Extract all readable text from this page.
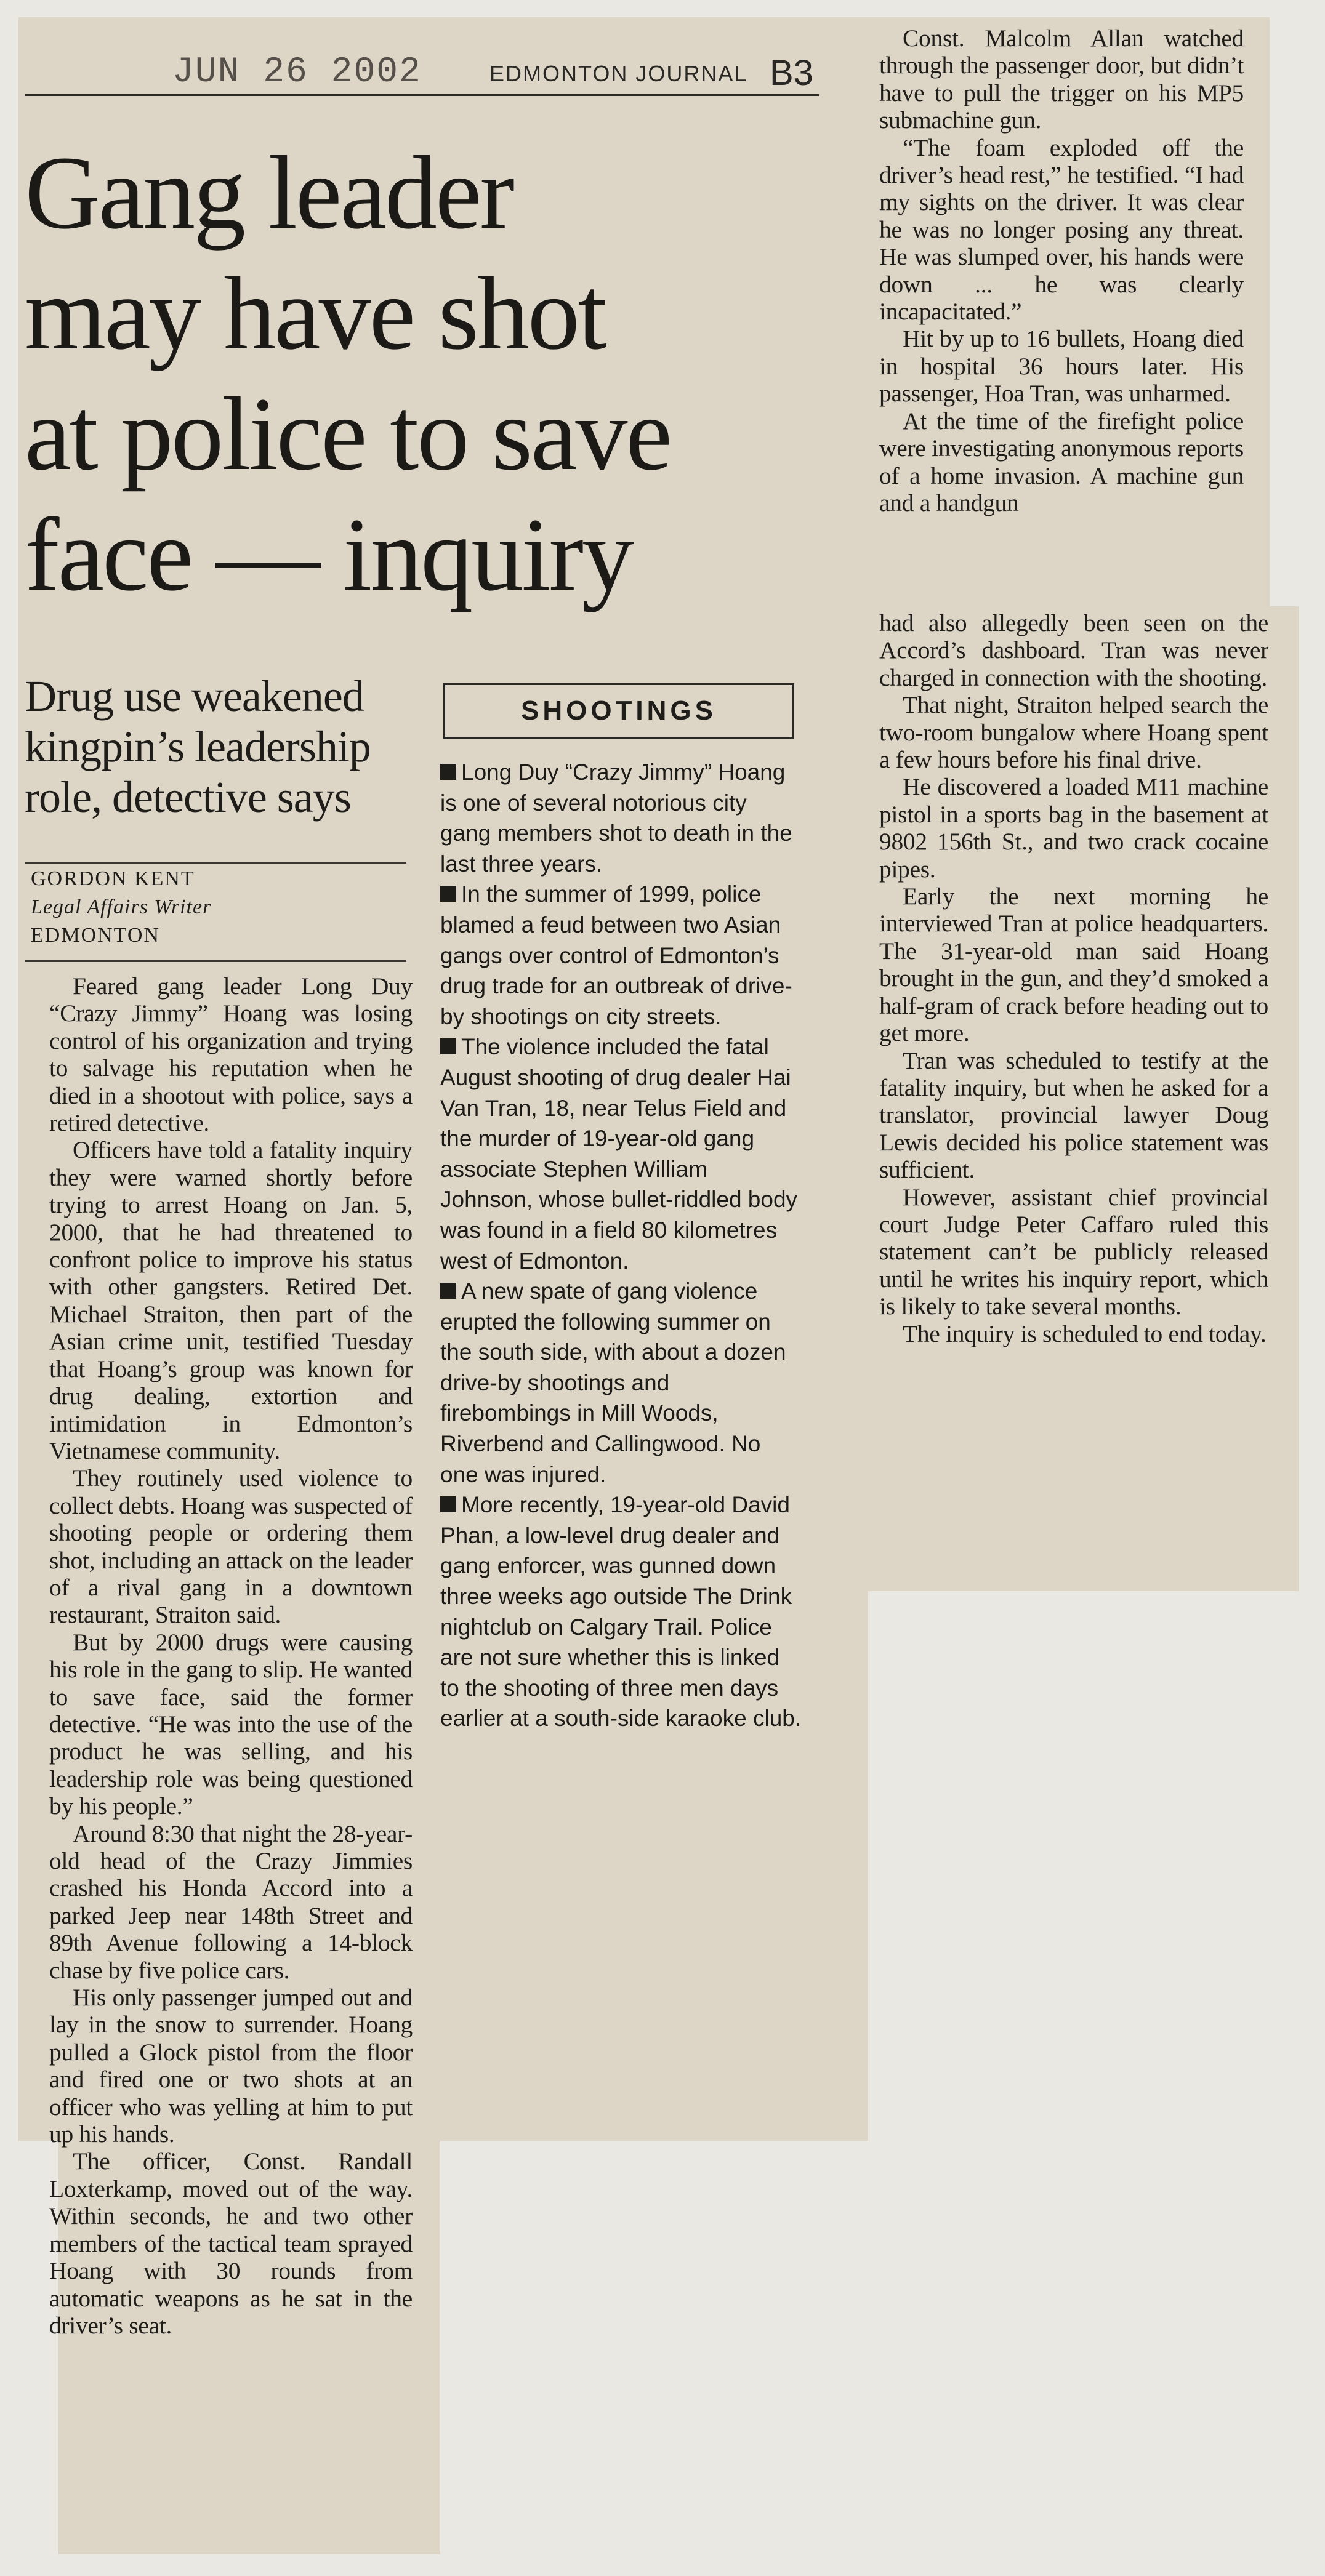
JUN 26 2002	EDMONTON JOURNAL B3
Gang leader
may have shot
at police to save
face — inquiry
Drug use weakened
kingpin’s leadership
role, detective says
GORDON KENT
Legal Affairs Writer
EDMONTON

Feared gang leader Long Duy “Crazy Jimmy” Hoang was losing control of his organization and trying to salvage his reputation when he died in a shootout with police, says a retired detective.

Officers have told a fatality inquiry they were warned shortly before trying to arrest Hoang on Jan. 5, 2000, that he had threatened to confront police to improve his status with other gangsters. Retired Det. Michael Straiton, then part of the Asian crime unit, testified Tuesday that Hoang’s group was known for drug dealing, extortion and intimidation in Edmonton’s Vietnamese community.

They routinely used violence to collect debts. Hoang was suspected of shooting people or ordering them shot, including an attack on the leader of a rival gang in a downtown restaurant, Straiton said.

But by 2000 drugs were causing his role in the gang to slip. He wanted to save face, said the former detective. “He was into the use of the product he was selling, and his leadership role was being questioned by his people.”

Around 8:30 that night the 28-year-old head of the Crazy Jimmies crashed his Honda Accord into a parked Jeep near 148th Street and 89th Avenue following a 14-block chase by five police cars.

His only passenger jumped out and lay in the snow to surrender. Hoang pulled a Glock pistol from the floor and fired one or two shots at an officer who was yelling at him to put up his hands.

The officer, Const. Randall Loxterkamp, moved out of the way. Within seconds, he and two other members of the tactical team sprayed Hoang with 30 rounds from automatic weapons as he sat in the driver’s seat.

SHOOTINGS

Long Duy “Crazy Jimmy” Hoang is one of several notorious city gang members shot to death in the last three years.

In the summer of 1999, police blamed a feud between two Asian gangs over control of Edmonton’s drug trade for an outbreak of drive-by shootings on city streets.

The violence included the fatal August shooting of drug dealer Hai Van Tran, 18, near Telus Field and the murder of 19-year-old gang associate Stephen William Johnson, whose bullet-riddled body was found in a field 80 kilometres west of Edmonton.

A new spate of gang violence erupted the following summer on the south side, with about a dozen drive-by shootings and firebombings in Mill Woods, Riverbend and Callingwood. No one was injured.

More recently, 19-year-old David Phan, a low-level drug dealer and gang enforcer, was gunned down three weeks ago outside The Drink nightclub on Calgary Trail. Police are not sure whether this is linked to the shooting of three men days earlier at a south-side karaoke club.

Const. Malcolm Allan watched through the passenger door, but didn’t have to pull the trigger on his MP5 submachine gun.

“The foam exploded off the driver’s head rest,” he testified. “I had my sights on the driver. It was clear he was no longer posing any threat. He was slumped over, his hands were down ... he was clearly incapacitated.”

Hit by up to 16 bullets, Hoang died in hospital 36 hours later. His passenger, Hoa Tran, was unharmed.

At the time of the firefight police were investigating anonymous reports of a home invasion. A machine gun and a handgun

had also allegedly been seen on the Accord’s dashboard. Tran was never charged in connection with the shooting.

That night, Straiton helped search the two-room bungalow where Hoang spent a few hours before his final drive.

He discovered a loaded M11 machine pistol in a sports bag in the basement at 9802 156th St., and two crack cocaine pipes.

Early the next morning he interviewed Tran at police headquarters. The 31-year-old man said Hoang brought in the gun, and they’d smoked a half-gram of crack before heading out to get more.

Tran was scheduled to testify at the fatality inquiry, but when he asked for a translator, provincial lawyer Doug Lewis decided his police statement was sufficient.

However, assistant chief provincial court Judge Peter Caffaro ruled this statement can’t be publicly released until he writes his inquiry report, which is likely to take several months.

The inquiry is scheduled to end today.
